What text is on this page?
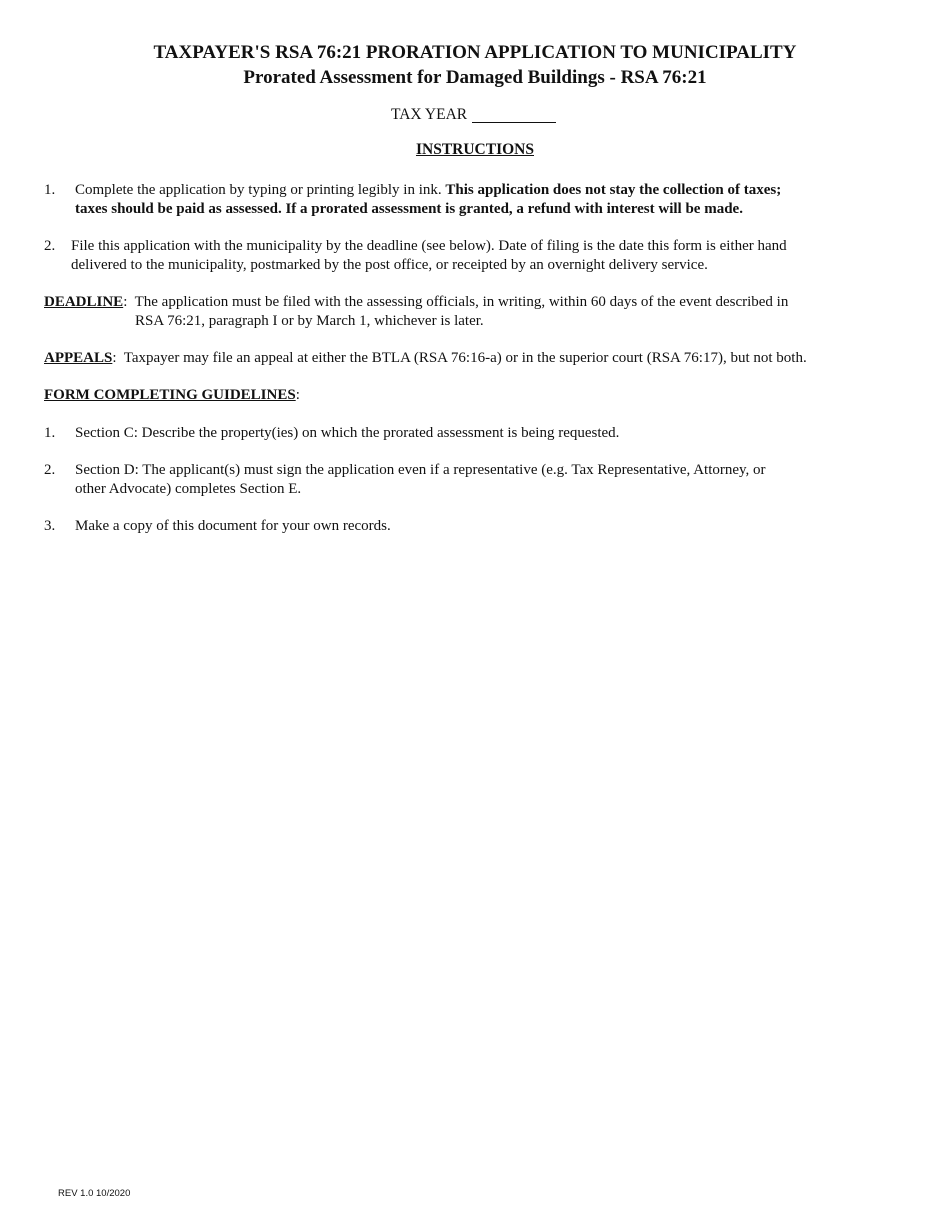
TAXPAYER'S RSA 76:21 PRORATION APPLICATION TO MUNICIPALITY
Prorated Assessment for Damaged Buildings - RSA 76:21
TAX YEAR
INSTRUCTIONS
1. Complete the application by typing or printing legibly in ink. This application does not stay the collection of taxes;
taxes should be paid as assessed. If a prorated assessment is granted, a refund with interest will be made.
2. File this application with the municipality by the deadline (see below). Date of filing is the date this form is either hand
delivered to the municipality, postmarked by the post office, or receipted by an overnight delivery service.
DEADLINE: The application must be filed with the assessing officials, in writing, within 60 days of the event described in
RSA 76:21, paragraph I or by March 1, whichever is later.
APPEALS: Taxpayer may file an appeal at either the BTLA (RSA 76:16-a) or in the superior court (RSA 76:17), but not both.
FORM COMPLETING GUIDELINES:
1. Section C: Describe the property(ies) on which the prorated assessment is being requested.
2. Section D: The applicant(s) must sign the application even if a representative (e.g. Tax Representative, Attorney, or
other Advocate) completes Section E.
3. Make a copy of this document for your own records.
REV 1.0 10/2020
